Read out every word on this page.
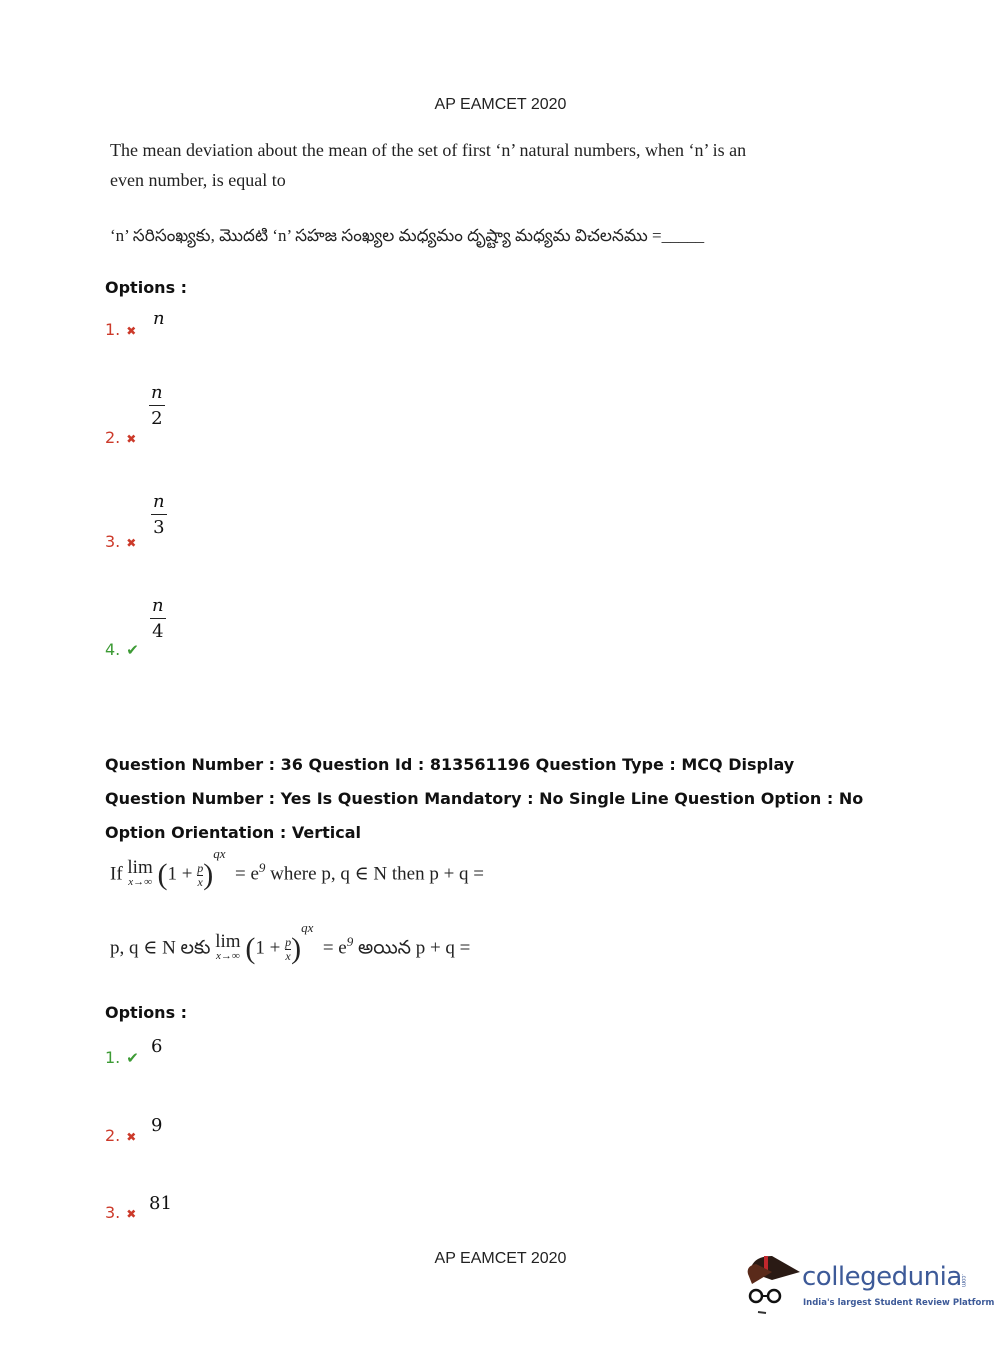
AP EAMCET 2020
The mean deviation about the mean of the set of first ‘n’ natural numbers, when ‘n’ is an
even number, is equal to
‘n’ సరిసంఖ్యకు, మొదటి ‘n’ సహజ సంఖ్యల మధ్యమం దృష్ట్యా మధ్యమ విచలనము =_____
Options :
1. ✖
n
2. ✖
$\frac{n}{2}$
3. ✖
$\frac{n}{3}$
4. ✔
$\frac{n}{4}$
Question Number : 36 Question Id : 813561196 Question Type : MCQ Display Question Number : Yes Is Question Mandatory : No Single Line Question Option : No Option Orientation : Vertical
If lim
x→∞ $(1 + \frac{p}{x} )^{qx} = e^9$ where p, q ∈ N then p + q =
p, q ∈ N లకు lim
x→∞ $(1 + \frac{p}{x} )^{qx} = e^9$ అయిన p + q =
Options :
1. ✔
6
2. ✖
9
3. ✖ 81
AP EAMCET 2020
collegedunia
.com
India's largest Student Review Platform
